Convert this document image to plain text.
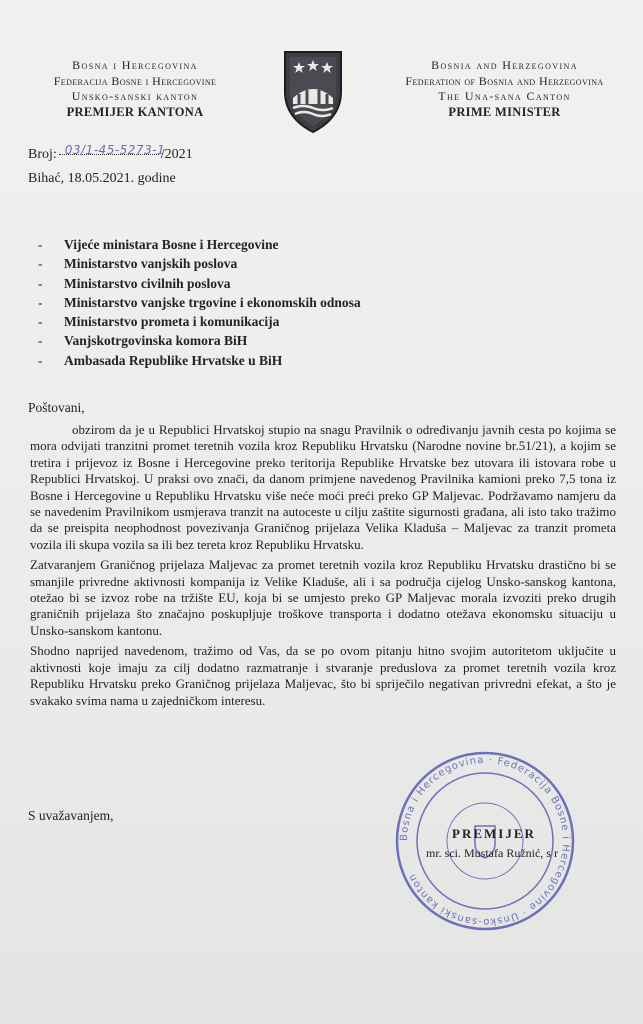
Bosna i Hercegovina
Federacija Bosne i Hercegovine
Unsko-sanski kanton
PREMIJER KANTONA
Bosnia and Herzegovina
Federation of Bosnia and Herzegovina
The Una-sana Canton
PRIME MINISTER
Broj: 03/1-45-5273-1
/2021
Bihać, 18.05.2021. godine
- Vijeće ministara Bosne i Hercegovine
- Ministarstvo vanjskih poslova
- Ministarstvo civilnih poslova
- Ministarstvo vanjske trgovine i ekonomskih odnosa
- Ministarstvo prometa i komunikacija
- Vanjskotrgovinska komora BiH
- Ambasada Republike Hrvatske u BiH
Poštovani,

obzirom da je u Republici Hrvatskoj stupio na snagu Pravilnik o određivanju javnih cesta po kojima se mora odvijati tranzitni promet teretnih vozila kroz Republiku Hrvatsku (Narodne novine br.51/21), a kojim se tretira i prijevoz iz Bosne i Hercegovine preko teritorija Republike Hrvatske bez utovara ili istovara robe u Republici Hrvatskoj. U praksi ovo znači, da danom primjene navedenog Pravilnika kamioni preko 7,5 tona iz Bosne i Hercegovine u Republiku Hrvatsku više neće moći preći preko GP Maljevac. Podržavamo namjeru da se navedenim Pravilnikom usmjerava tranzit na autoceste u cilju zaštite sigurnosti građana, ali isto tako tražimo da se preispita neophodnost povezivanja Graničnog prijelaza Velika Kladuša – Maljevac za tranzit prometa vozila ili skupa vozila sa ili bez tereta kroz Republiku Hrvatsku.

Zatvaranjem Graničnog prijelaza Maljevac za promet teretnih vozila kroz Republiku Hrvatsku drastično bi se smanjile privredne aktivnosti kompanija iz Velike Kladuše, ali i sa područja cijelog Unsko-sanskog kantona, otežao bi se izvoz robe na tržište EU, koja bi se umjesto preko GP Maljevac morala izvoziti preko drugih graničnih prijelaza što značajno poskupljuje troškove transporta i dodatno otežava ekonomsku situaciju u Unsko-sanskom kantonu.

Shodno naprijed navedenom, tražimo od Vas, da se po ovom pitanju hitno svojim autoritetom uključite u aktivnosti koje imaju za cilj dodatno razmatranje i stvaranje preduslova za promet teretnih vozila kroz Republiku Hrvatsku preko Graničnog prijelaza Maljevac, što bi spriječilo negativan privredni efekat, a što je svakako svima nama u zajedničkom interesu.

S uvažavanjem,
Bosna i Hercegovina · Federacija Bosne i Hercegovine · Unsko-sanski kanton
PREMIJER
mr. sci. Mustafa Ružnić, s r
